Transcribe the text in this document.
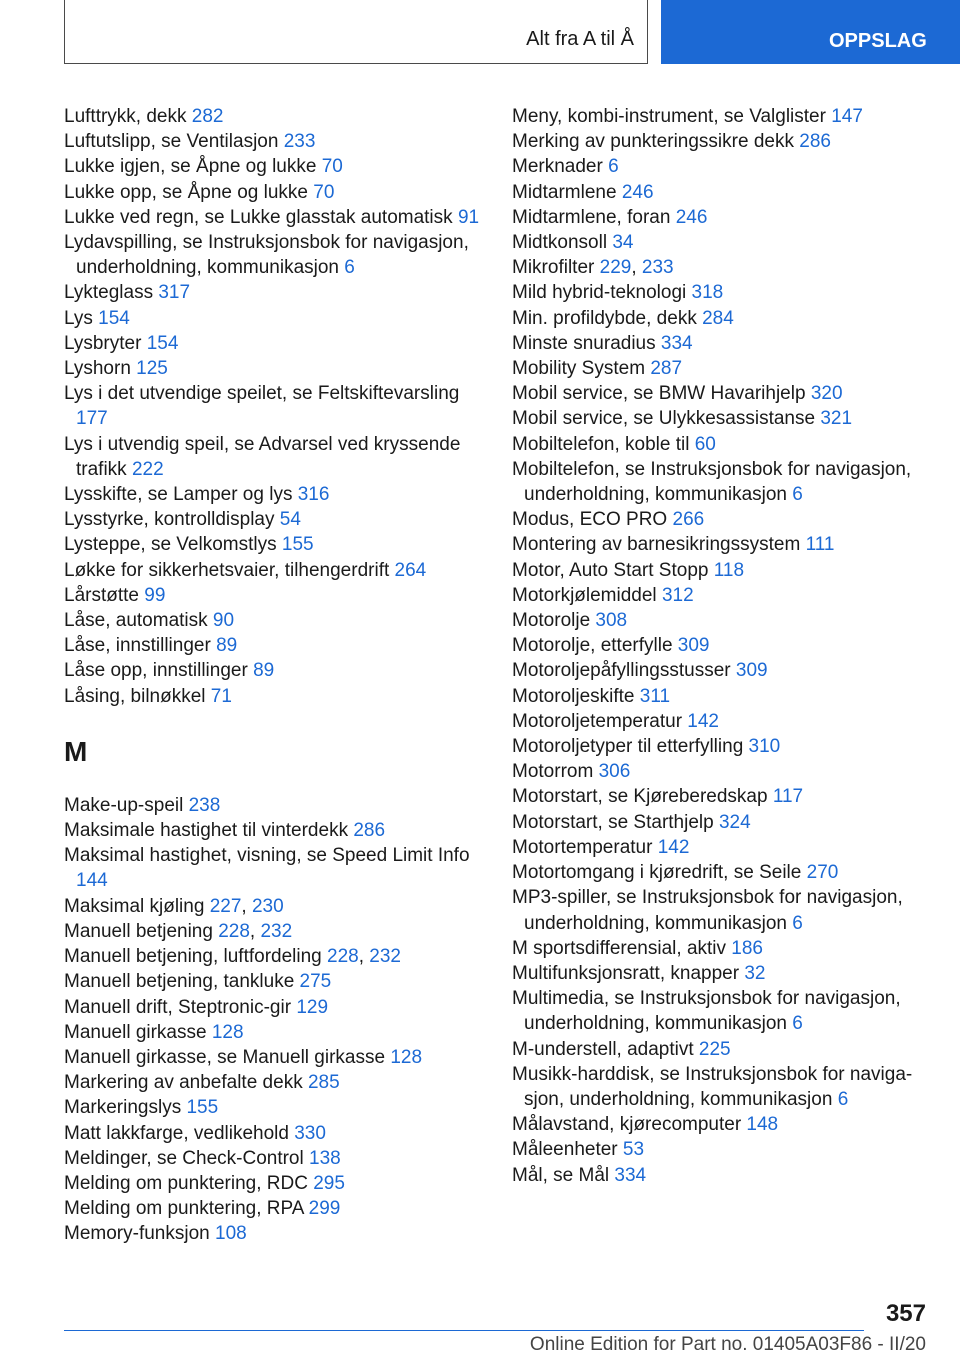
Alt fra A til Å	OPPSLAG
Lufttrykk, dekk 282
Luftutslipp, se Ventilasjon 233
Lukke igjen, se Åpne og lukke 70
Lukke opp, se Åpne og lukke 70
Lukke ved regn, se Lukke glasstak automatisk 91
Lydavspilling, se Instruksjonsbok for navigasjon, underholdning, kommunikasjon 6
Lykteglass 317
Lys 154
Lysbryter 154
Lyshorn 125
Lys i det utvendige speilet, se Feltskiftevarsling 177
Lys i utvendig speil, se Advarsel ved kryssende trafikk 222
Lysskifte, se Lamper og lys 316
Lysstyrke, kontrolldisplay 54
Lysteppe, se Velkomstlys 155
Løkke for sikkerhetsvaier, tilhengerdrift 264
Lårstøtte 99
Låse, automatisk 90
Låse, innstillinger 89
Låse opp, innstillinger 89
Låsing, bilnøkkel 71
M
Make-up-speil 238
Maksimale hastighet til vinterdekk 286
Maksimal hastighet, visning, se Speed Limit Info 144
Maksimal kjøling 227, 230
Manuell betjening 228, 232
Manuell betjening, luftfordeling 228, 232
Manuell betjening, tankluke 275
Manuell drift, Steptronic-gir 129
Manuell girkasse 128
Manuell girkasse, se Manuell girkasse 128
Markering av anbefalte dekk 285
Markeringslys 155
Matt lakkfarge, vedlikehold 330
Meldinger, se Check-Control 138
Melding om punktering, RDC 295
Melding om punktering, RPA 299
Memory-funksjon 108
Meny, kombi-instrument, se Valglister 147
Merking av punkteringssikre dekk 286
Merknader 6
Midtarmlene 246
Midtarmlene, foran 246
Midtkonsoll 34
Mikrofilter 229, 233
Mild hybrid-teknologi 318
Min. profildybde, dekk 284
Minste snuradius 334
Mobility System 287
Mobil service, se BMW Havarihjelp 320
Mobil service, se Ulykkesassistanse 321
Mobiltelefon, koble til 60
Mobiltelefon, se Instruksjonsbok for navigasjon, underholdning, kommunikasjon 6
Modus, ECO PRO 266
Montering av barnesikringssystem 111
Motor, Auto Start Stopp 118
Motorkjølemiddel 312
Motorolje 308
Motorolje, etterfylle 309
Motoroljepåfyllingsstusser 309
Motoroljeskifte 311
Motoroljetemperatur 142
Motoroljetyper til etterfylling 310
Motorrom 306
Motorstart, se Kjøreberedskap 117
Motorstart, se Starthjelp 324
Motortemperatur 142
Motortomgang i kjøredrift, se Seile 270
MP3-spiller, se Instruksjonsbok for navigasjon, underholdning, kommunikasjon 6
M sportsdifferensial, aktiv 186
Multifunksjonsratt, knapper 32
Multimedia, se Instruksjonsbok for navigasjon, underholdning, kommunikasjon 6
M-understell, adaptivt 225
Musikk-harddisk, se Instruksjonsbok for navigasjon, underholdning, kommunikasjon 6
Målavstand, kjørecomputer 148
Måleenheter 53
Mål, se Mål 334
357
Online Edition for Part no. 01405A03F86 - II/20
